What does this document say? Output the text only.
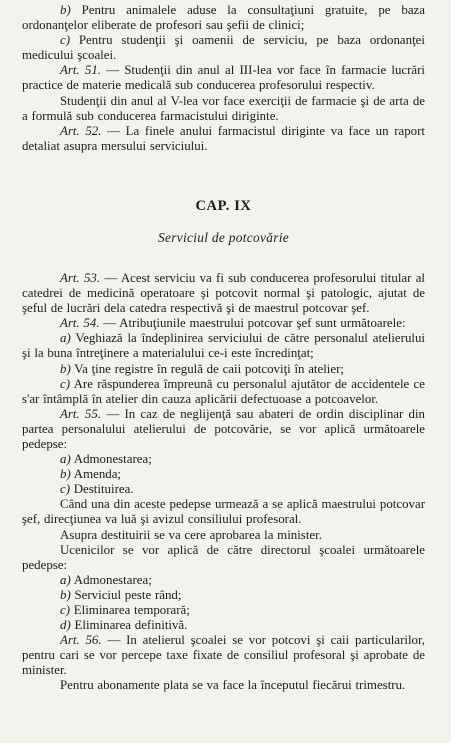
b) Pentru animalele aduse la consultaţiuni gratuite, pe baza ordonanţelor eliberate de profesori sau şefii de clinici;

c) Pentru studenţii şi oamenii de serviciu, pe baza ordonanţei medicului şcoalei.

Art. 51. — Studenţii din anul al III-lea vor face în farmacie lucrări practice de materie medicală sub conducerea profesorului respectiv.

Studenţii din anul al V-lea vor face exerciţii de farmacie şi de arta de a formulă sub conducerea farmacistului diriginte.

Art. 52. — La finele anului farmacistul diriginte va face un raport detaliat asupra mersului serviciului.

CAP. IX

Serviciul de potcovărie

Art. 53. — Acest serviciu va fi sub conducerea profesorului titular al catedrei de medicină operatoare şi potcovit normal şi patologic, ajutat de şeful de lucrări dela catedra respectivă şi de maestrul potcovar şef.

Art. 54. — Atribuţiunile maestrului potcovar şef sunt următoarele:

a) Veghiază la îndeplinirea serviciului de către personalul atelierului şi la buna întreţinere a materialului ce-i este încredinţat;

b) Va ţine registre în regulă de caii potcoviţi în atelier;

c) Are răspunderea împreună cu personalul ajutător de accidentele ce s'ar întâmplă în atelier din cauza aplicării defectuoase a potcoavelor.

Art. 55. — In caz de neglijenţă sau abateri de ordin disciplinar din partea personalului atelierului de potcovărie, se vor aplică următoarele pedepse:

a) Admonestarea;

b) Amenda;

c) Destituirea.

Când una din aceste pedepse urmează a se aplică maestrului potcovar şef, direcţiunea va luă şi avizul consiliului profesoral.

Asupra destituirii se va cere aprobarea la minister.

Ucenicilor se vor aplică de către directorul şcoalei următoarele pedepse:

a) Admonestarea;

b) Serviciul peste rând;

c) Eliminarea temporară;

d) Eliminarea definitivă.

Art. 56. — In atelierul şcoalei se vor potcovi şi caii particularilor, pentru cari se vor percepe taxe fixate de consiliul profesoral şi aprobate de minister.

Pentru abonamente plata se va face la începutul fiecărui trimestru.
